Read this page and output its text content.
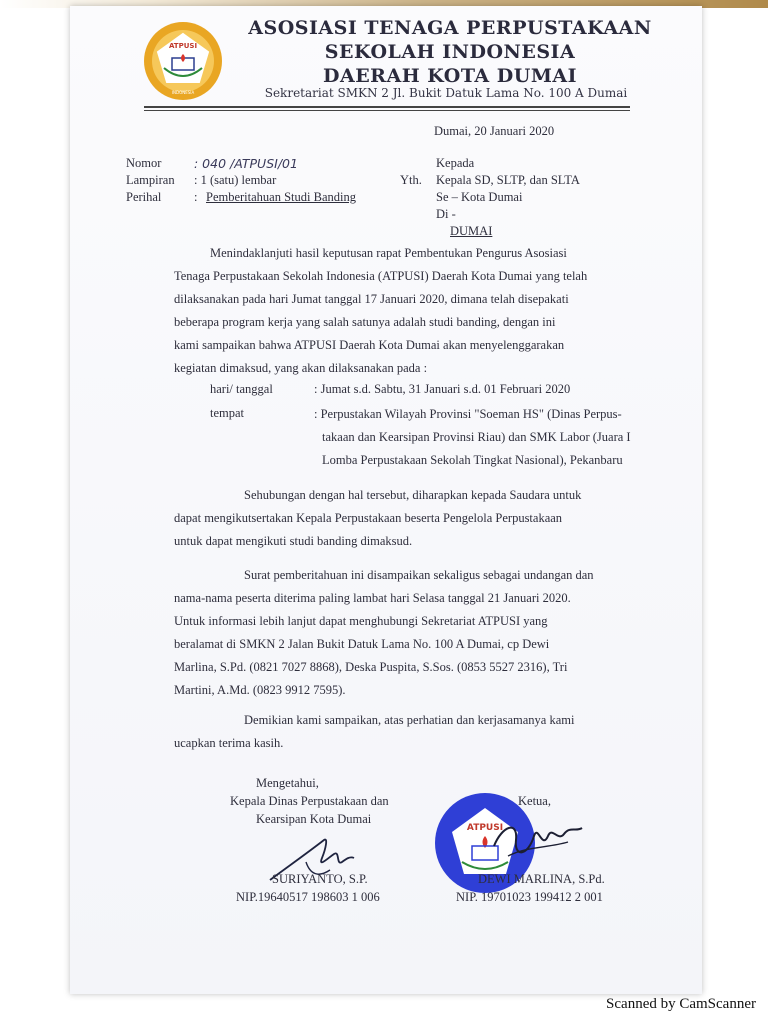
ATPUSI
INDONESIA
ASOSIASI TENAGA PERPUSTAKAAN
SEKOLAH INDONESIA
DAERAH KOTA DUMAI
Sekretariat SMKN 2 Jl. Bukit Datuk Lama No. 100 A Dumai
Dumai, 20 Januari 2020
Nomor	: 040 /ATPUSI/01
Lampiran : 1 (satu) lembar
Perihal	: Pemberitahuan Studi Banding
Kepada
Yth. Kepala SD, SLTP, dan SLTA
Se – Kota Dumai
Di -
DUMAI
Menindaklanjuti hasil keputusan rapat Pembentukan Pengurus Asosiasi
Tenaga Perpustakaan Sekolah Indonesia (ATPUSI) Daerah Kota Dumai yang telah
dilaksanakan pada hari Jumat tanggal 17 Januari 2020, dimana telah disepakati
beberapa program kerja yang salah satunya adalah studi banding, dengan ini
kami sampaikan bahwa ATPUSI Daerah Kota Dumai akan menyelenggarakan
kegiatan dimaksud, yang akan dilaksanakan pada :
hari/ tanggal	: Jumat s.d. Sabtu, 31 Januari s.d. 01 Februari 2020
tempat	: Perpustakan Wilayah Provinsi "Soeman HS" (Dinas Perpus-
takaan dan Kearsipan Provinsi Riau) dan SMK Labor (Juara I
Lomba Perpustakaan Sekolah Tingkat Nasional), Pekanbaru
Sehubungan dengan hal tersebut, diharapkan kepada Saudara untuk
dapat mengikutsertakan Kepala Perpustakaan beserta Pengelola Perpustakaan
untuk dapat mengikuti studi banding dimaksud.
Surat pemberitahuan ini disampaikan sekaligus sebagai undangan dan
nama-nama peserta diterima paling lambat hari Selasa tanggal 21 Januari 2020.
Untuk informasi lebih lanjut dapat menghubungi Sekretariat ATPUSI yang
beralamat di SMKN 2 Jalan Bukit Datuk Lama No. 100 A Dumai, cp Dewi
Marlina, S.Pd. (0821 7027 8868), Deska Puspita, S.Sos. (0853 5527 2316), Tri
Martini, A.Md. (0823 9912 7595).
Demikian kami sampaikan, atas perhatian dan kerjasamanya kami
ucapkan terima kasih.
Mengetahui,
Kepala Dinas Perpustakaan dan
Kearsipan Kota Dumai
SURIYANTO, S.P.
NIP.19640517 198603 1 006
Ketua,
ATPUSI
DEWI MARLINA, S.Pd.
NIP. 19701023 199412 2 001
Scanned by CamScanner
